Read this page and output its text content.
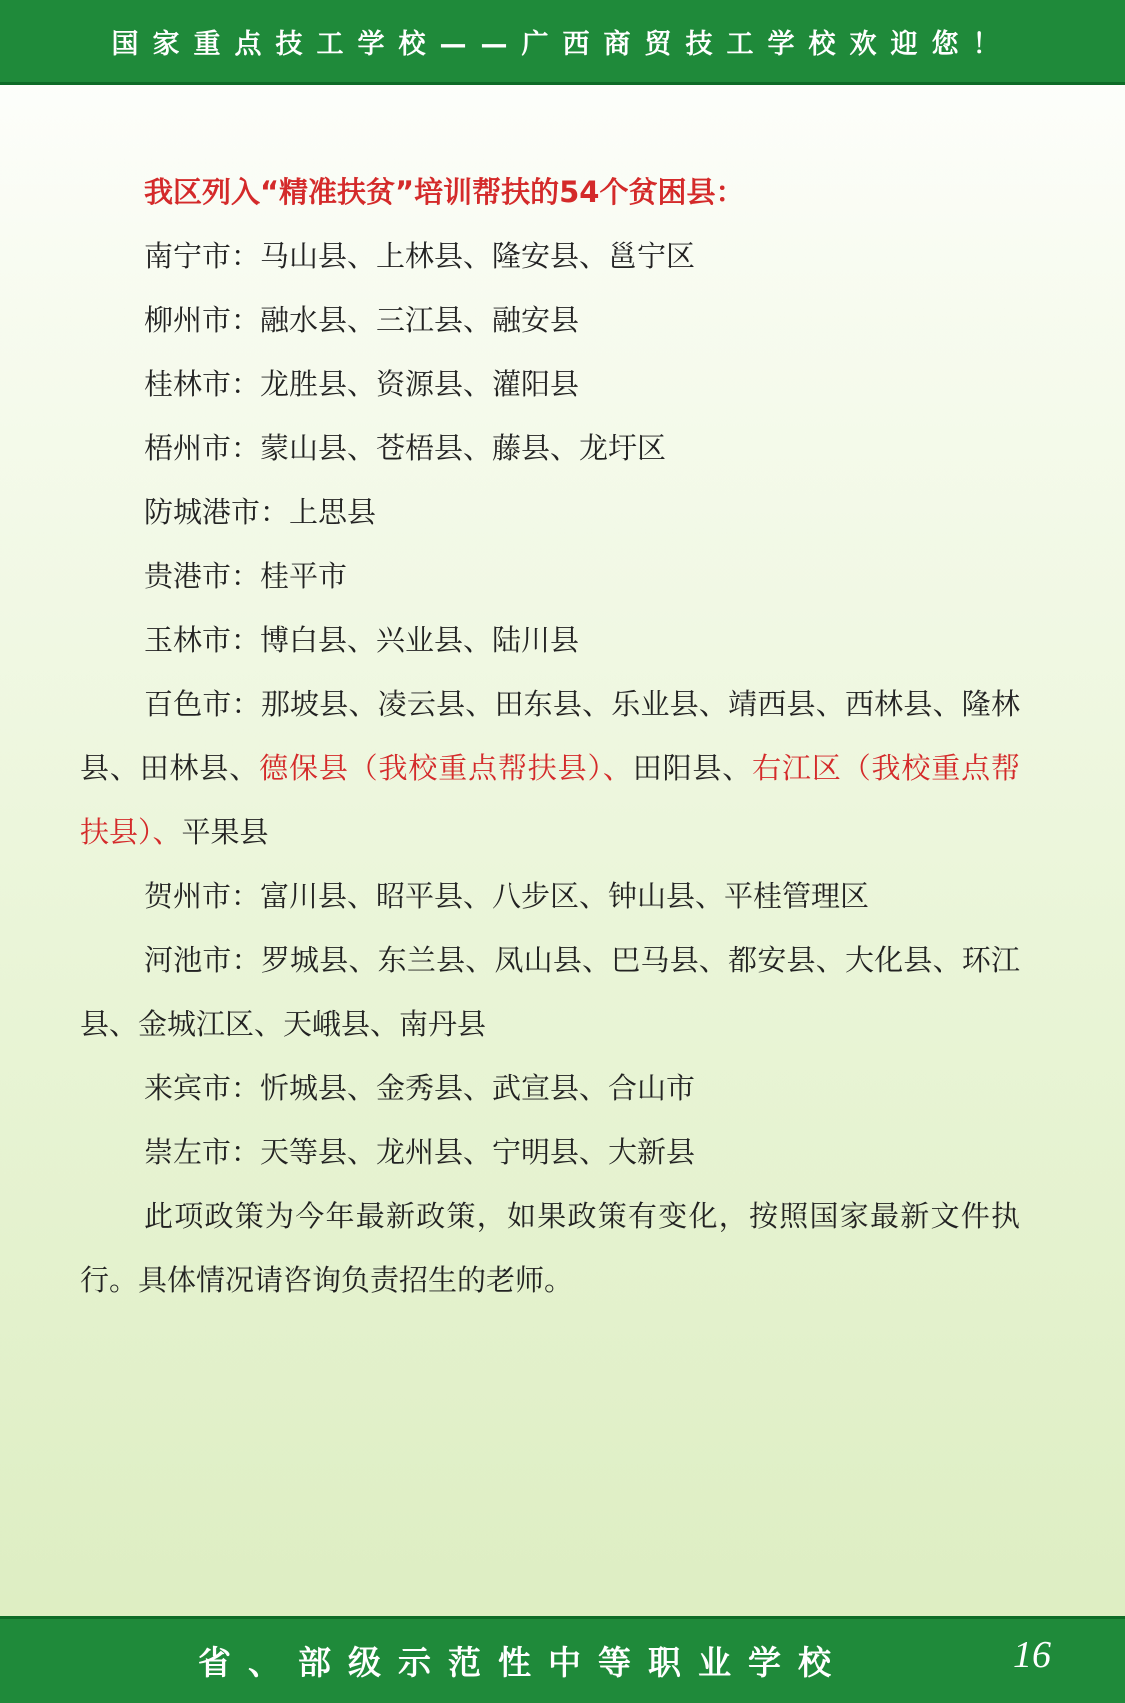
国家重点技工学校——广西商贸技工学校欢迎您！

我区列入“精准扶贫”培训帮扶的54个贫困县：

南宁市：马山县、上林县、隆安县、邕宁区

柳州市：融水县、三江县、融安县

桂林市：龙胜县、资源县、灌阳县

梧州市：蒙山县、苍梧县、藤县、龙圩区

防城港市：上思县

贵港市：桂平市

玉林市：博白县、兴业县、陆川县

百色市：那坡县、凌云县、田东县、乐业县、靖西县、西林县、隆林县、田林县、德保县（我校重点帮扶县）、田阳县、右江区（我校重点帮扶县）、平果县

贺州市：富川县、昭平县、八步区、钟山县、平桂管理区

河池市：罗城县、东兰县、凤山县、巴马县、都安县、大化县、环江县、金城江区、天峨县、南丹县

来宾市：忻城县、金秀县、武宣县、合山市

崇左市：天等县、龙州县、宁明县、大新县

此项政策为今年最新政策，如果政策有变化，按照国家最新文件执行。具体情况请咨询负责招生的老师。

省、部级示范性中等职业学校	16
